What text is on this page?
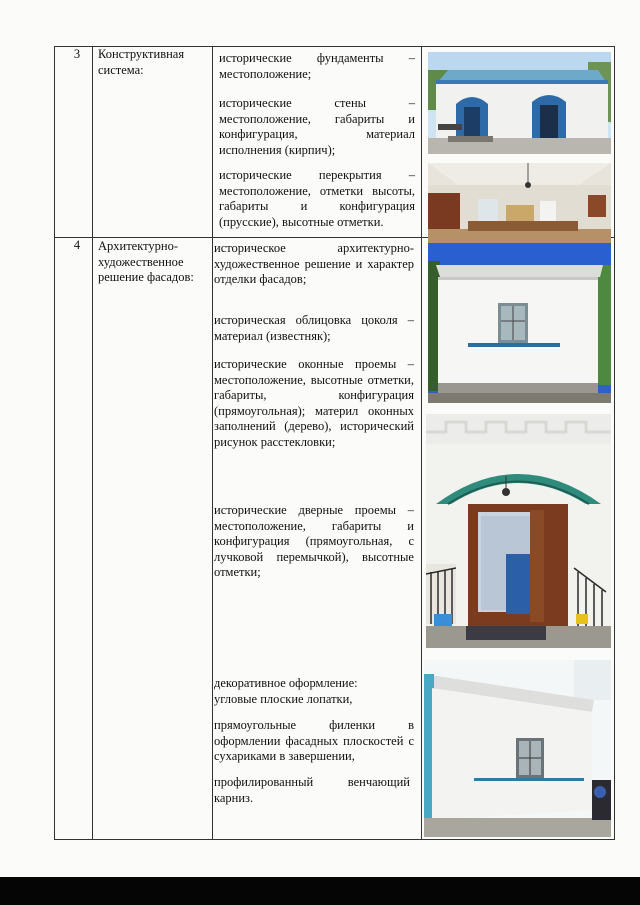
3	Конструктивная система:
исторические фундаменты – местоположение;
исторические стены – местоположение, габариты и конфигурация, материал исполнения (кирпич);
исторические перекрытия – местоположение, отметки высоты, габариты и конфигурация (прусские), высотные отметки.
4	Архитектурно-художественное решение фасадов:
историческое архитектурно-художественное решение и характер отделки фасадов;
историческая облицовка цоколя – материал (известняк);
исторические оконные проемы – местоположение, высотные отметки, габариты, конфигурация (прямоугольная); материл оконных заполнений (дерево), исторический рисунок расстекловки;
исторические дверные проемы – местоположение, габариты и конфигурация (прямоугольная, с лучковой перемычкой), высотные отметки;
декоративное оформление: угловые плоские лопатки,
прямоугольные филенки в оформлении фасадных плоскостей с сухариками в завершении,
профилированный венчающий карниз.
